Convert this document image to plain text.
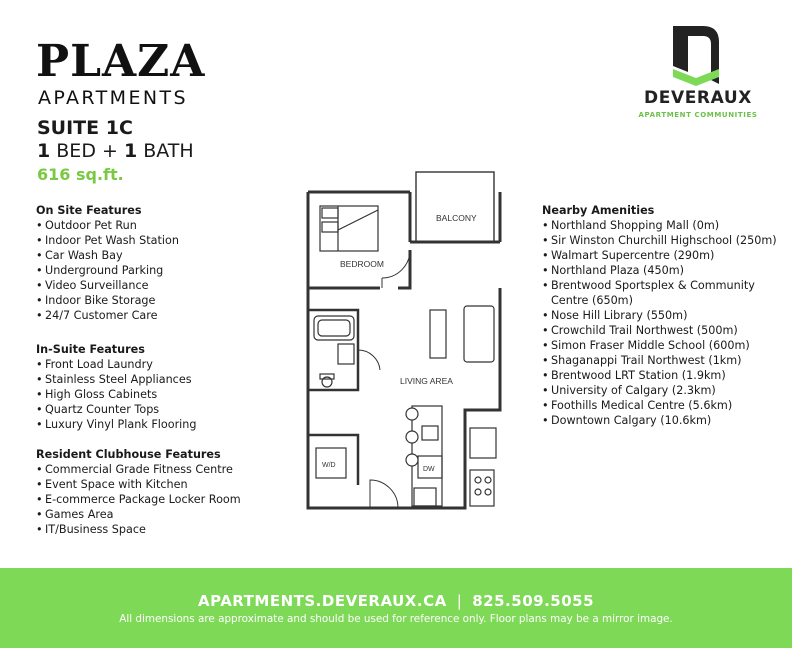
PLAZA
APARTMENTS
SUITE 1C
1 BED + 1 BATH
616 sq.ft.
DEVERAUX
APARTMENT COMMUNITIES
On Site Features
• Outdoor Pet Run
• Indoor Pet Wash Station
• Car Wash Bay
• Underground Parking
• Video Surveillance
• Indoor Bike Storage
• 24/7 Customer Care
In-Suite Features
• Front Load Laundry
• Stainless Steel Appliances
• High Gloss Cabinets
• Quartz Counter Tops
• Luxury Vinyl Plank Flooring
Resident Clubhouse Features
• Commercial Grade Fitness Centre
• Event Space with Kitchen
• E-commerce Package Locker Room
• Games Area
• IT/Business Space
Nearby Amenities
• Northland Shopping Mall (0m)
• Sir Winston Churchill Highschool (250m)
• Walmart Supercentre (290m)
• Northland Plaza (450m)
• Brentwood Sportsplex & Community Centre (650m)
• Nose Hill Library (550m)
• Crowchild Trail Northwest (500m)
• Simon Fraser Middle School (600m)
• Shaganappi Trail Northwest (1km)
• Brentwood LRT Station (1.9km)
• University of Calgary (2.3km)
• Foothills Medical Centre (5.6km)
• Downtown Calgary (10.6km)
BALCONY
BEDROOM
W/D
LIVING AREA
DW
APARTMENTS.DEVERAUX.CA | 825.509.5055
All dimensions are approximate and should be used for reference only. Floor plans may be a mirror image.
